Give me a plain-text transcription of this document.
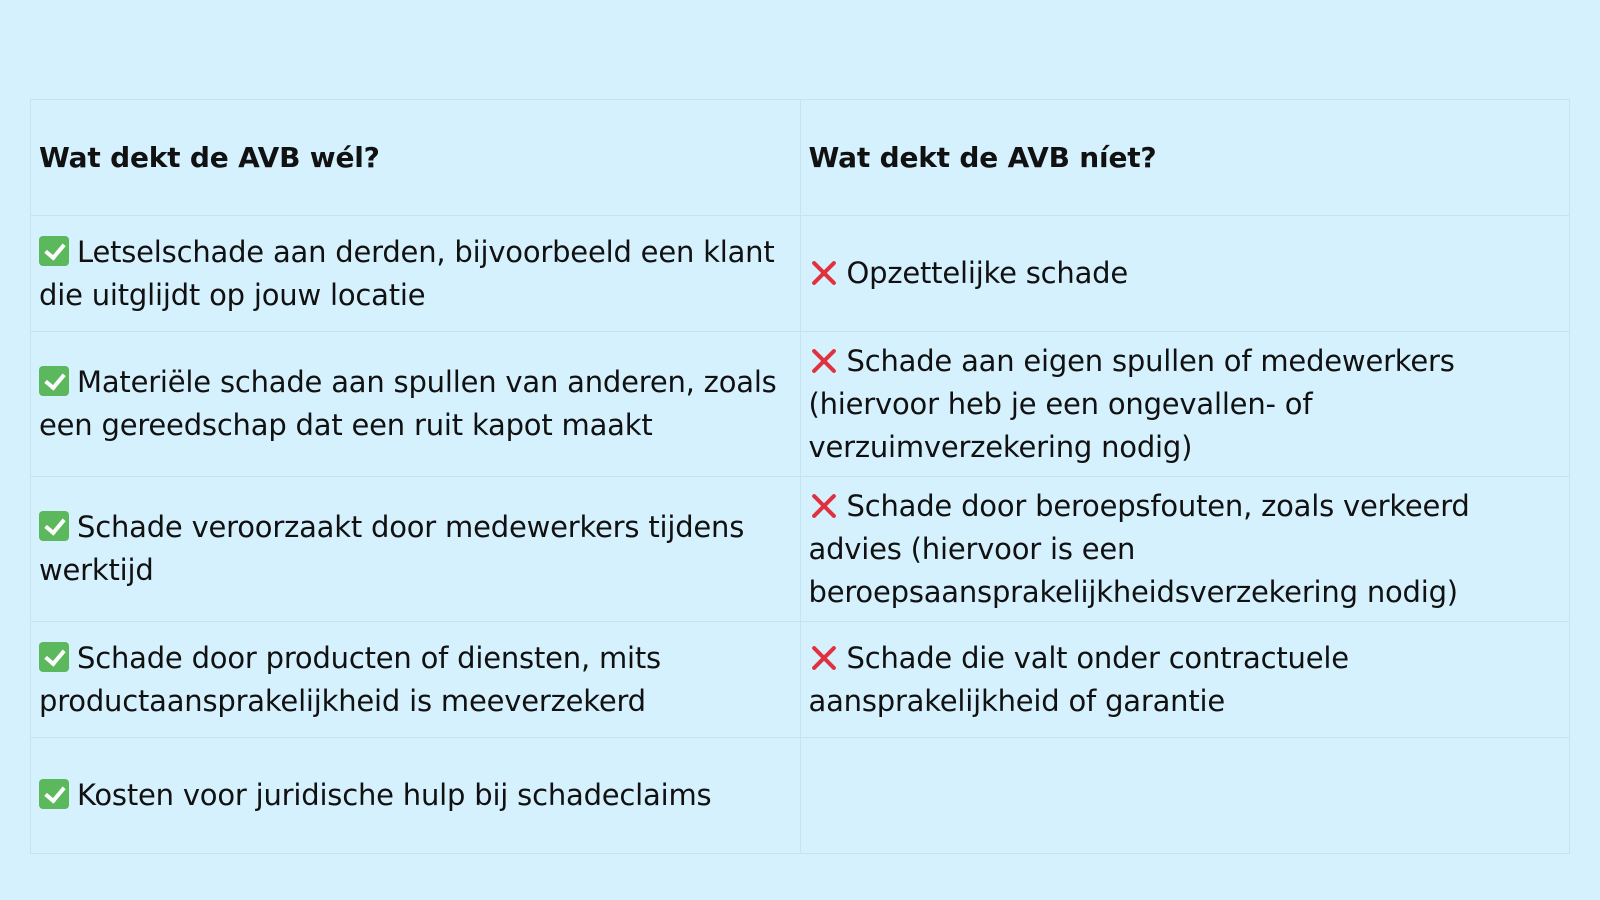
Wat dekt de AVB wél?	Wat dekt de AVB níet?
Letselschade aan derden, bijvoorbeeld een klant die uitglijdt op jouw locatie	Opzettelijke schade
Materiële schade aan spullen van anderen, zoals een gereedschap dat een ruit kapot maakt	Schade aan eigen spullen of medewerkers (hiervoor heb je een ongevallen- of verzuimverzekering nodig)
Schade veroorzaakt door medewerkers tijdens werktijd	Schade door beroepsfouten, zoals verkeerd advies (hiervoor is een beroepsaansprakelijkheidsverzekering nodig)
Schade door producten of diensten, mits productaansprakelijkheid is meeverzekerd	Schade die valt onder contractuele aansprakelijkheid of garantie
Kosten voor juridische hulp bij schadeclaims	
